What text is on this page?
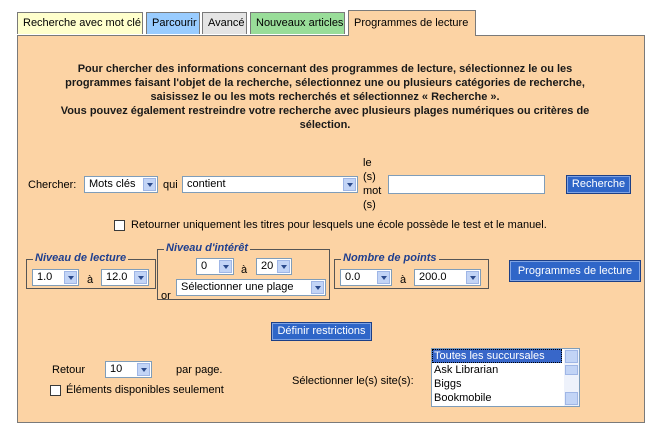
Recherche avec mot clé	Parcourir	Avancé	Nouveaux articles Programmes de lecture
Pour chercher des informations concernant des programmes de lecture, sélectionnez le ou les
programmes faisant l'objet de la recherche, sélectionnez une ou plusieurs catégories de recherche,
saisissez le ou les mots recherchés et sélectionnez « Recherche ».
Vous pouvez également restreindre votre recherche avec plusieurs plages numériques ou critères de
sélection.
Chercher:	Mots clés	qui contient
le
(s)
mot
(s)
Recherche
Retourner uniquement les titres pour lesquels une école possède le test et le manuel.
Niveau de lecture
1.0	à	12.0
Niveau d'intérêt
0	à	20
or
Sélectionner une plage
Nombre de points
0.0	à	200.0	Programmes de lecture
Définir restrictions
Retour	10	par page.
Éléments disponibles seulement
Sélectionner le(s) site(s):
Toutes les succursales
Ask Librarian
Biggs
Bookmobile
